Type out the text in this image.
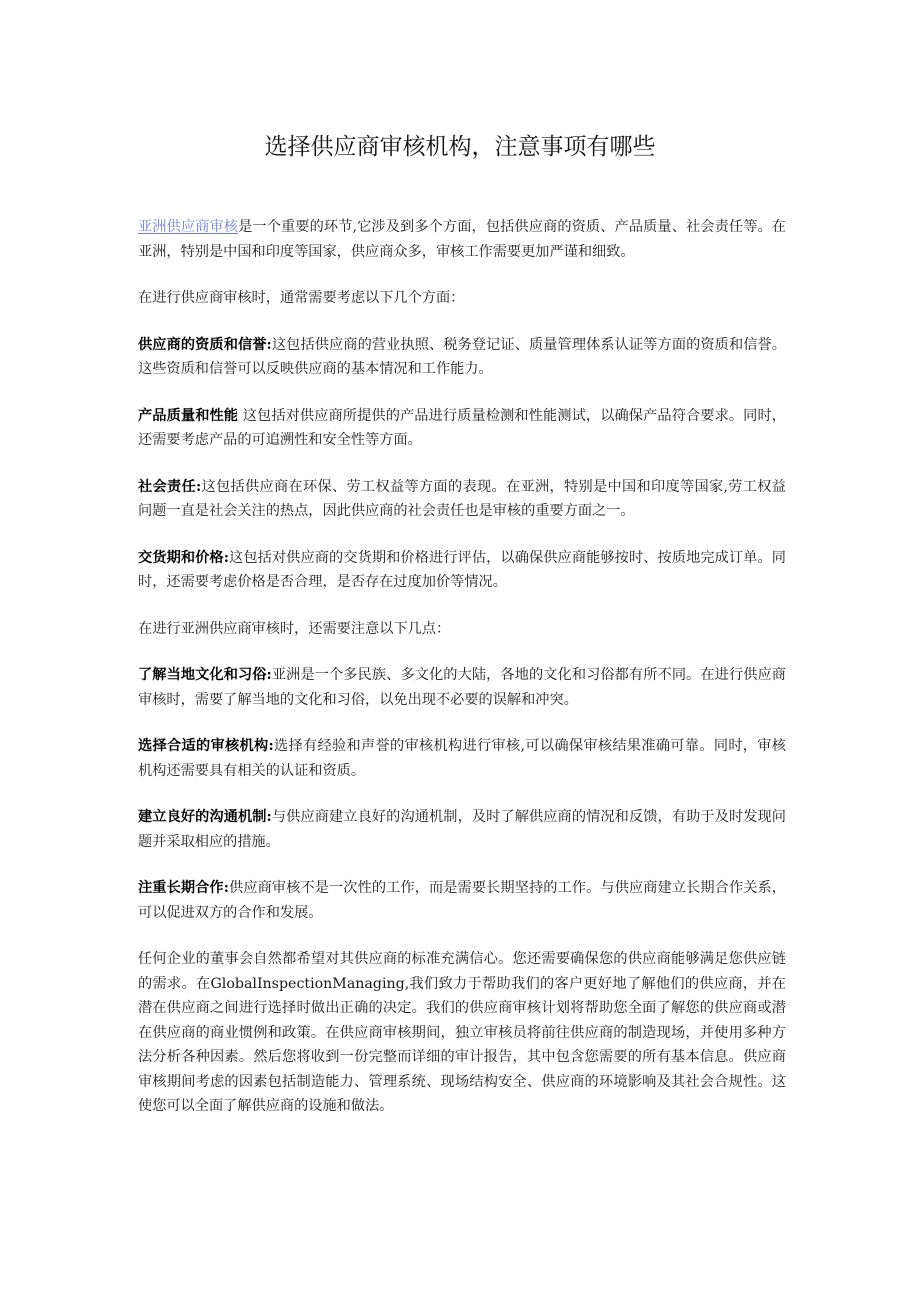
选择供应商审核机构，注意事项有哪些

亚洲供应商审核是一个重要的环节,它涉及到多个方面，包括供应商的资质、产品质量、社会责任等。在亚洲，特别是中国和印度等国家，供应商众多，审核工作需要更加严谨和细致。

在进行供应商审核时，通常需要考虑以下几个方面：

供应商的资质和信誉:这包括供应商的营业执照、税务登记证、质量管理体系认证等方面的资质和信誉。这些资质和信誉可以反映供应商的基本情况和工作能力。

产品质量和性能 这包括对供应商所提供的产品进行质量检测和性能测试，以确保产品符合要求。同时，还需要考虑产品的可追溯性和安全性等方面。

社会责任:这包括供应商在环保、劳工权益等方面的表现。在亚洲，特别是中国和印度等国家,劳工权益问题一直是社会关注的热点，因此供应商的社会责任也是审核的重要方面之一。

交货期和价格:这包括对供应商的交货期和价格进行评估，以确保供应商能够按时、按质地完成订单。同时，还需要考虑价格是否合理，是否存在过度加价等情况。

在进行亚洲供应商审核时，还需要注意以下几点：

了解当地文化和习俗:亚洲是一个多民族、多文化的大陆，各地的文化和习俗都有所不同。在进行供应商审核时，需要了解当地的文化和习俗，以免出现不必要的误解和冲突。

选择合适的审核机构:选择有经验和声誉的审核机构进行审核,可以确保审核结果准确可靠。同时，审核机构还需要具有相关的认证和资质。

建立良好的沟通机制:与供应商建立良好的沟通机制，及时了解供应商的情况和反馈，有助于及时发现问题并采取相应的措施。

注重长期合作:供应商审核不是一次性的工作，而是需要长期坚持的工作。与供应商建立长期合作关系，可以促进双方的合作和发展。

任何企业的董事会自然都希望对其供应商的标准充满信心。您还需要确保您的供应商能够满足您供应链的需求。在GlobalInspectionManaging,我们致力于帮助我们的客户更好地了解他们的供应商，并在潜在供应商之间进行选择时做出正确的决定。我们的供应商审核计划将帮助您全面了解您的供应商或潜在供应商的商业惯例和政策。在供应商审核期间，独立审核员将前往供应商的制造现场，并使用多种方法分析各种因素。然后您将收到一份完整而详细的审计报告，其中包含您需要的所有基本信息。供应商审核期间考虑的因素包括制造能力、管理系统、现场结构安全、供应商的环境影响及其社会合规性。这使您可以全面了解供应商的设施和做法。
